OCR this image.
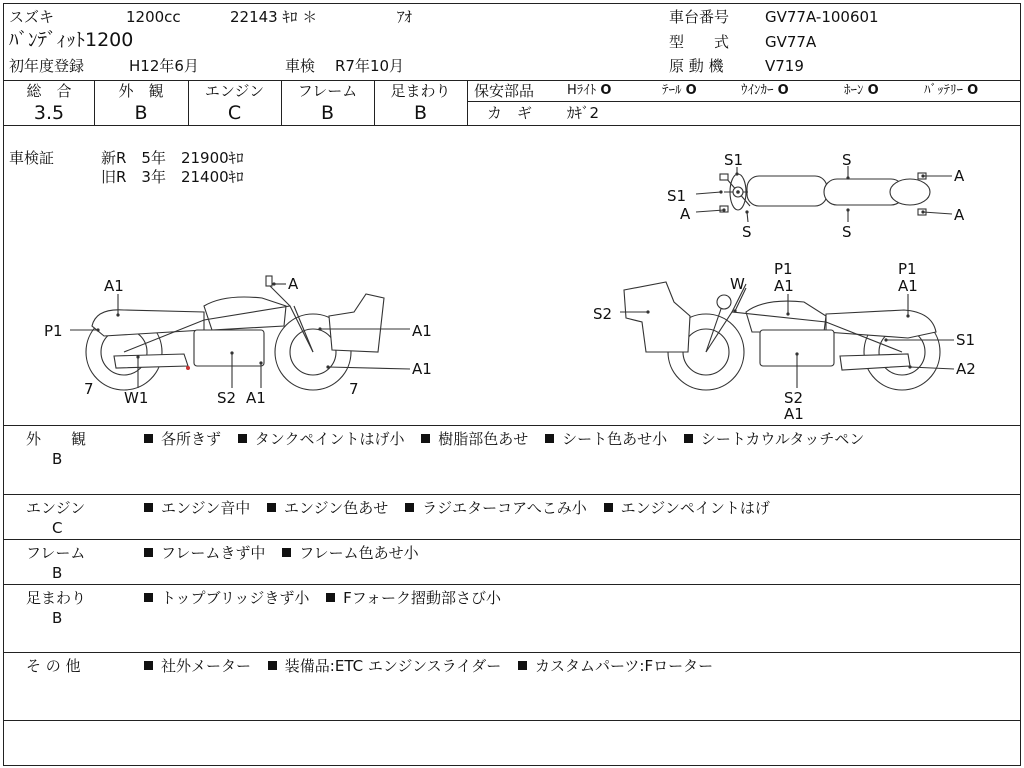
スズキ	1200cc	22143 ｷﾛ ＊	ｱｵ
ﾊﾞﾝﾃﾞｨｯﾄ1200
初年度登録	H12年6月	車検 R7年10月
車台番号 GV77A-100601
型　　式 GV77A
原 動 機	V719
総　合	外　観	エンジン	フレーム	足まわり
3.5	B	C	B	B
保安部品	Hﾗｲﾄ O	ﾃｰﾙ O	ｳｲﾝｶｰ O	ﾎｰﾝ O	ﾊﾞｯﾃﾘｰ O
カ　ギ ｶｷﾞ2
車検証	新R　5年　21900ｷﾛ
旧R　3年　21400ｷﾛ
S1
S1
A
S
S
S
A
A
A1	A
P1	A1
A1
7 W1	S2 A1	7
W
P1
A1
P1
A1
S2
S1
A2
S2
A1
外　　観
B
各所きず タンクペイントはげ小 樹脂部色あせ シート色あせ小 シートカウルタッチペン
エンジン
C
エンジン音中 エンジン色あせ ラジエターコアへこみ小 エンジンペイントはげ
フレーム
B
フレームきず中 フレーム色あせ小
足まわり
B
トップブリッジきず小 Fフォーク摺動部さび小
そ の 他	社外メーター 装備品:ETC エンジンスライダー カスタムパーツ:Fローター
